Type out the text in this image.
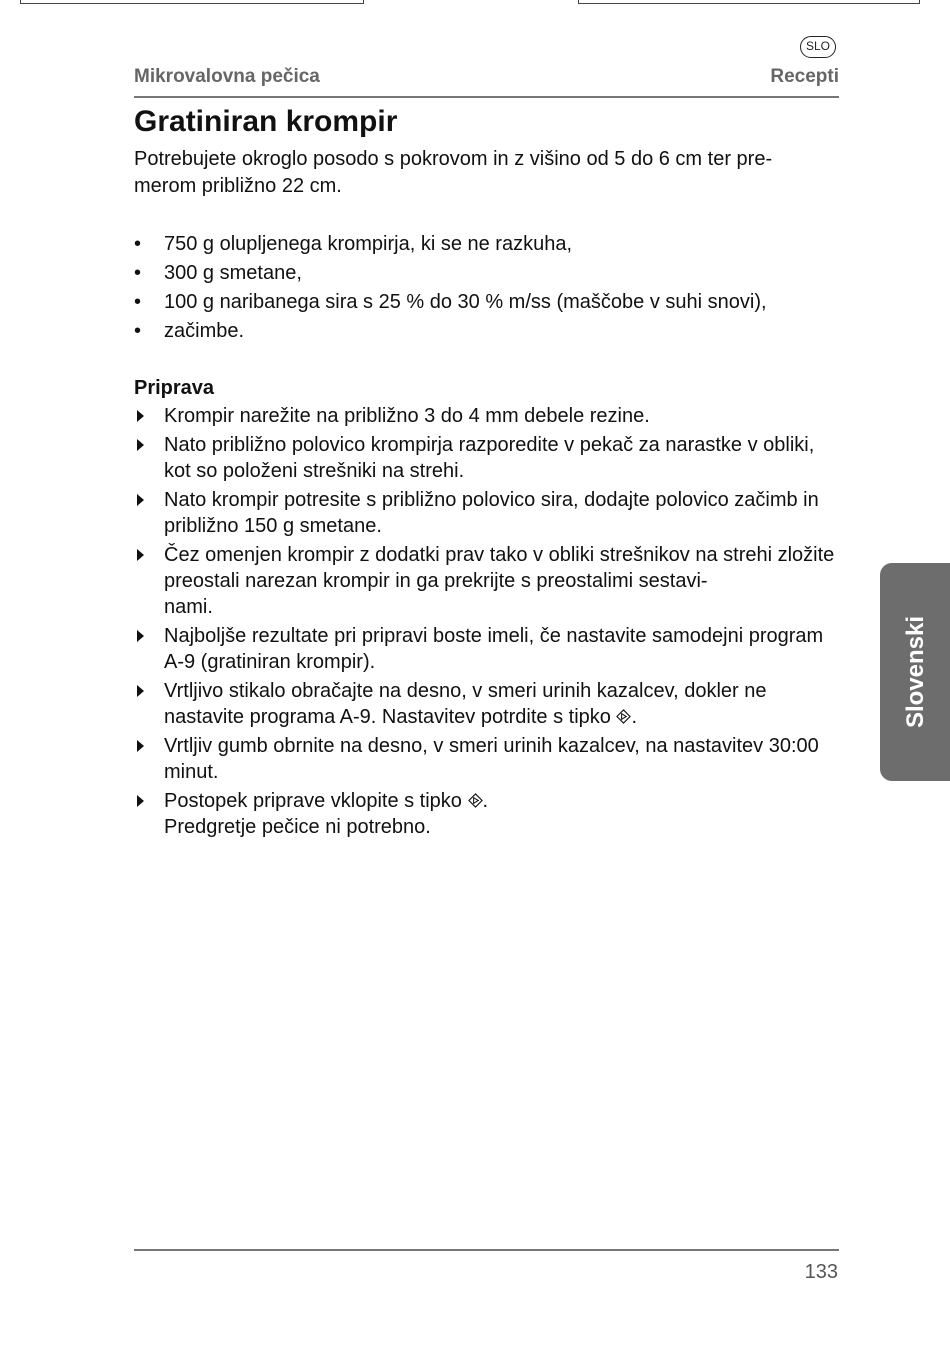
SLO
Mikrovalovna pečica	Recepti
Gratiniran krompir

Potrebujete okroglo posodo s pokrovom in z višino od 5 do 6 cm ter pre-
merom približno 22 cm.

• 750 g olupljenega krompirja, ki se ne razkuha,
• 300 g smetane,
• 100 g naribanega sira s 25 % do 30 % m/ss (maščobe v suhi snovi),
• začimbe.
Priprava
Krompir narežite na približno 3 do 4 mm debele rezine.
Nato približno polovico krompirja razporedite v pekač za narastke v obliki, kot so položeni strešniki na strehi.
Nato krompir potresite s približno polovico sira, dodajte polovico začimb in približno 150 g smetane.
Čez omenjen krompir z dodatki prav tako v obliki strešnikov na strehi zložite preostali narezan krompir in ga prekrijte s preostalimi sestavi-
nami.
Najboljše rezultate pri pripravi boste imeli, če nastavite samodejni program A-9 (gratiniran krompir).
Vrtljivo stikalo obračajte na desno, v smeri urinih kazalcev, dokler ne nastavite programa A-9. Nastavitev potrdite s tipko .
Vrtljiv gumb obrnite na desno, v smeri urinih kazalcev, na nastavitev 30:00 minut.
Postopek priprave vklopite s tipko .
Predgretje pečice ni potrebno.
Slovenski
133
